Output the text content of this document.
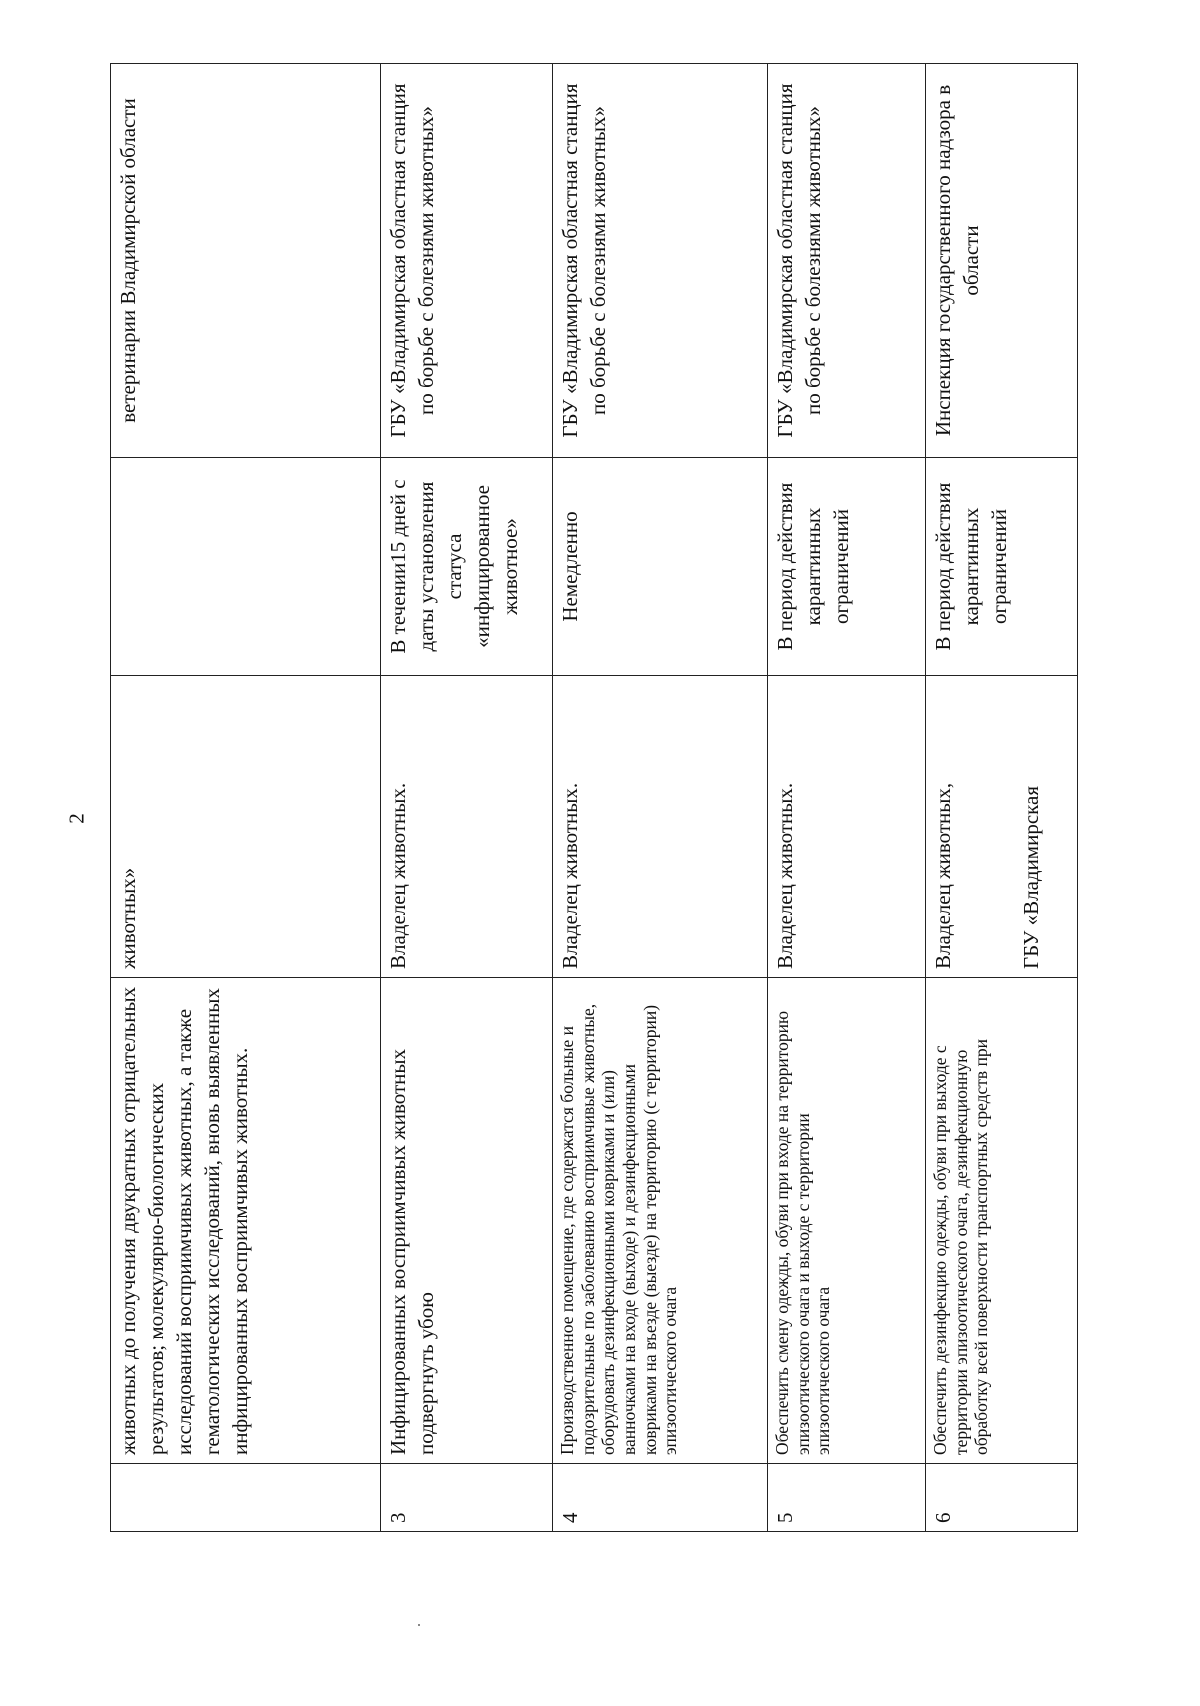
2
	животных до получения двукратных отрицательных результатов; молекулярно-биологических исследований восприимчивых животных, а также гематологических исследований, вновь выявленных инфицированных восприимчивых животных.	животных»		ветеринарии Владимирской области
3	Инфицированных восприимчивых животных подвергнуть убою	Владелец животных.	В течении15 дней с даты установления статуса «инфицированное животное»	ГБУ «Владимирская областная станция по борьбе с болезнями животных»
4	Производственное помещение, где содержатся больные и подозрительные по заболеванию восприимчивые животные, оборудовать дезинфекционными ковриками и (или) ванночками на входе (выходе) и дезинфекционными ковриками на въезде (выезде) на территорию (с территории) эпизоотического очага	Владелец животных.	Немедленно	ГБУ «Владимирская областная станция по борьбе с болезнями животных»
5	Обеспечить смену одежды, обуви при входе на территорию эпизоотического очага и выходе с территории эпизоотического очага	Владелец животных.	В период действия карантинных ограничений	ГБУ «Владимирская областная станция по борьбе с болезнями животных»
6	Обеспечить дезинфекцию одежды, обуви при выходе с территории эпизоотического очага, дезинфекционную обработку всей поверхности транспортных средств при	Владелец животных, ГБУ «Владимирская	В период действия карантинных ограничений	Инспекция государственного надзора в области
